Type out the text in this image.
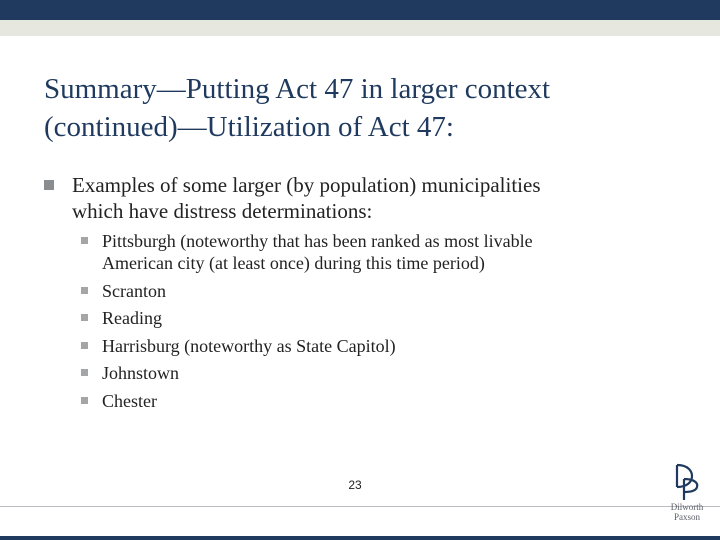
Summary—Putting Act 47 in larger context
(continued)—Utilization of Act 47:
Examples of some larger (by population) municipalities
which have distress determinations:
Pittsburgh (noteworthy that has been ranked as most livable
American city (at least once) during this time period)
Scranton
Reading
Harrisburg (noteworthy as State Capitol)
Johnstown
Chester
23
Dilworth
Paxson
